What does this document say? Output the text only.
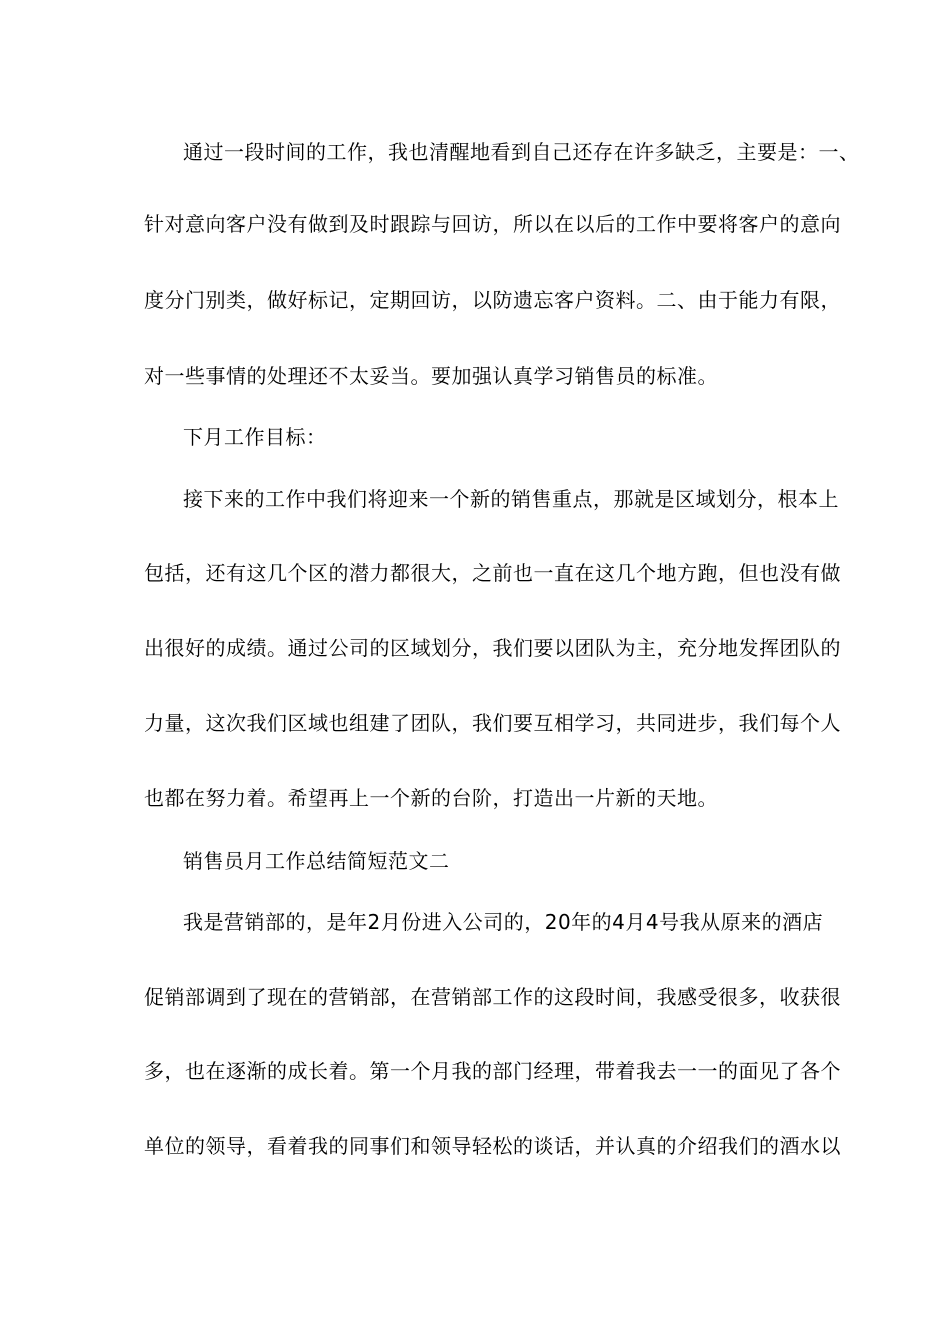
通过一段时间的工作，我也清醒地看到自己还存在许多缺乏，主要是：一、
针对意向客户没有做到及时跟踪与回访，所以在以后的工作中要将客户的意向
度分门别类，做好标记，定期回访，以防遗忘客户资料。二、由于能力有限，
对一些事情的处理还不太妥当。要加强认真学习销售员的标准。
下月工作目标：
接下来的工作中我们将迎来一个新的销售重点，那就是区域划分，根本上
包括，还有这几个区的潜力都很大，之前也一直在这几个地方跑，但也没有做
出很好的成绩。通过公司的区域划分，我们要以团队为主，充分地发挥团队的
力量，这次我们区域也组建了团队，我们要互相学习，共同进步，我们每个人
也都在努力着。希望再上一个新的台阶，打造出一片新的天地。
销售员月工作总结简短范文二
我是营销部的，是年2月份进入公司的，20年的4月4号我从原来的酒店
促销部调到了现在的营销部，在营销部工作的这段时间，我感受很多，收获很
多，也在逐渐的成长着。第一个月我的部门经理，带着我去一一的面见了各个
单位的领导，看着我的同事们和领导轻松的谈话，并认真的介绍我们的酒水以
